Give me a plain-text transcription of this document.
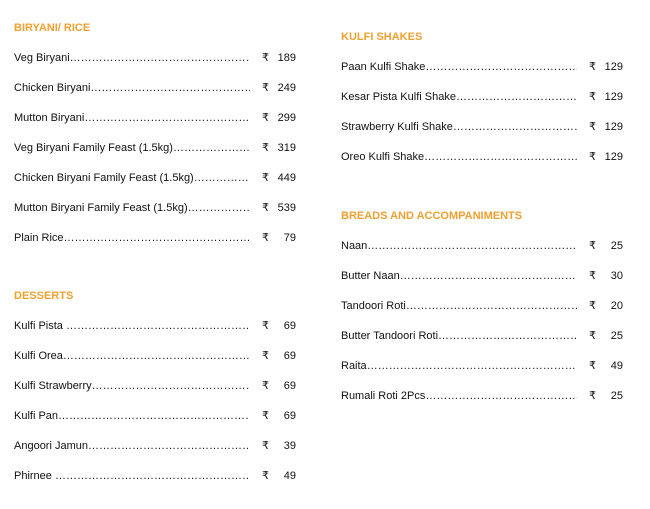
BIRYANI/ RICE
Veg Biryani ……………………………………………………………………………………	₹ 189
Chicken Biryani ……………………………………………………………………………………	₹ 249
Mutton Biryani ……………………………………………………………………………………	₹ 299
Veg Biryani Family Feast (1.5kg) ……………………………………………………………………………………	₹ 319
Chicken Biryani Family Feast (1.5kg) ……………………………………………………………………………………	₹ 449
Mutton Biryani Family Feast (1.5kg) ……………………………………………………………………………………	₹ 539
Plain Rice ……………………………………………………………………………………	₹	79
DESSERTS
Kulfi Pista ……………………………………………………………………………………	₹	69
Kulfi Orea ……………………………………………………………………………………	₹	69
Kulfi Strawberry ……………………………………………………………………………………	₹	69
Kulfi Pan ……………………………………………………………………………………	₹	69
Angoori Jamun ……………………………………………………………………………………	₹	39
Phirnee ……………………………………………………………………………………	₹	49
KULFI SHAKES
Paan Kulfi Shake ……………………………………………………………………………………	₹ 129
Kesar Pista Kulfi Shake ……………………………………………………………………………………	₹ 129
Strawberry Kulfi Shake ……………………………………………………………………………………	₹ 129
Oreo Kulfi Shake ……………………………………………………………………………………	₹ 129
BREADS AND ACCOMPANIMENTS
Naan ……………………………………………………………………………………	₹	25
Butter Naan ……………………………………………………………………………………	₹	30
Tandoori Roti ……………………………………………………………………………………	₹	20
Butter Tandoori Roti ……………………………………………………………………………………	₹	25
Raita ……………………………………………………………………………………	₹	49
Rumali Roti 2Pcs ……………………………………………………………………………………	₹	25
